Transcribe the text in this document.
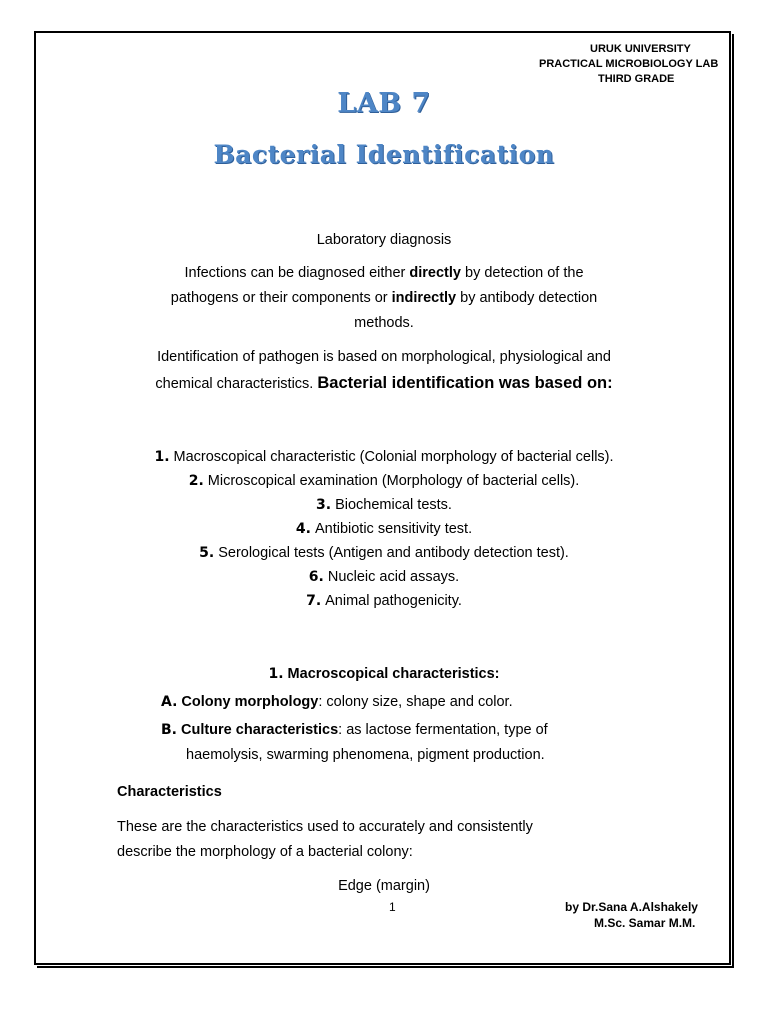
URUK UNIVERSITY
PRACTICAL MICROBIOLOGY LAB
THIRD GRADE
LAB 7
Bacterial Identification
Laboratory diagnosis
Infections can be diagnosed either directly by detection of the
pathogens or their components or indirectly by antibody detection
methods.
Identification of pathogen is based on morphological, physiological and
chemical characteristics. Bacterial identification was based on:
1. Macroscopical characteristic (Colonial morphology of bacterial cells).
2. Microscopical examination (Morphology of bacterial cells).
3. Biochemical tests.
4. Antibiotic sensitivity test.
5. Serological tests (Antigen and antibody detection test).
6. Nucleic acid assays.
7. Animal pathogenicity.
1. Macroscopical characteristics:
A. Colony morphology: colony size, shape and color.
B. Culture characteristics: as lactose fermentation, type of
haemolysis, swarming phenomena, pigment production.
Characteristics
These are the characteristics used to accurately and consistently
describe the morphology of a bacterial colony:
Edge (margin)
1	by Dr.Sana A.Alshakely
M.Sc. Samar M.M.
